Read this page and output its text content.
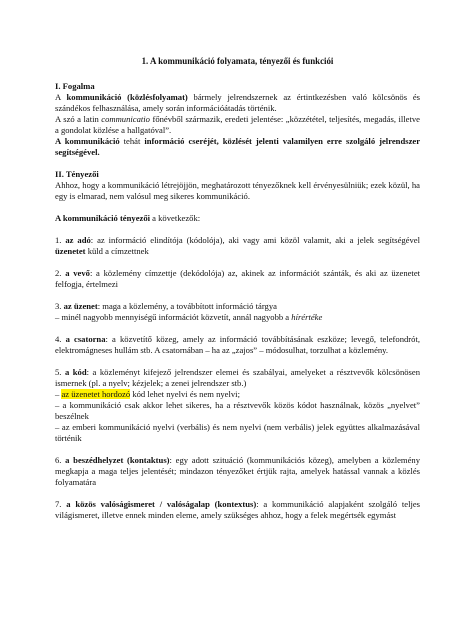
1. A kommunikáció folyamata, tényezői és funkciói

I. Fogalma

A kommunikáció (közlésfolyamat) bármely jelrendszernek az értintkezésben való kölcsönös és szándékos felhasználása, amely során információátadás történik.

A szó a latin communicatio főnévből származik, eredeti jelentése: „közzététel, teljesítés, megadás, illetve a gondolat közlése a hallgatóval”.

A kommunikáció tehát információ cseréjét, közlését jelenti valamilyen erre szolgáló jelrendszer segítségével.

II. Tényezői

Ahhoz, hogy a kommunikáció létrejöjjön, meghatározott tényezőknek kell érvényesülniük; ezek közül, ha egy is elmarad, nem valósul meg sikeres kommunikáció.

A kommunikáció tényezői a következők:

1. az adó: az információ elindítója (kódolója), aki vagy ami közöl valamit, aki a jelek segítségével üzenetet küld a címzettnek

2. a vevő: a közlemény címzettje (dekódolója) az, akinek az információt szánták, és aki az üzenetet felfogja, értelmezi

3. az üzenet: maga a közlemény, a továbbított információ tárgya

– minél nagyobb mennyiségű információt közvetít, annál nagyobb a hírértéke

4. a csatorna: a közvetítő közeg, amely az információ továbbításának eszköze; levegő, telefondrót, elektromágneses hullám stb. A csatornában – ha az „zajos” – módosulhat, torzulhat a közlemény.

5. a kód: a közleményt kifejező jelrendszer elemei és szabályai, amelyeket a résztvevők kölcsönösen ismernek (pl. a nyelv; kézjelek; a zenei jelrendszer stb.)

– az üzenetet hordozó kód lehet nyelvi és nem nyelvi;

– a kommunikáció csak akkor lehet sikeres, ha a résztvevők közös kódot használnak, közös „nyelvet” beszélnek

– az emberi kommunikáció nyelvi (verbális) és nem nyelvi (nem verbális) jelek együttes alkalmazásával történik

6. a beszédhelyzet (kontaktus): egy adott szituáció (kommunikációs közeg), amelyben a közlemény megkapja a maga teljes jelentését; mindazon tényezőket értjük rajta, amelyek hatással vannak a közlés folyamatára

7. a közös valóságismeret / valóságalap (kontextus): a kommunikáció alapjaként szolgáló teljes világismeret, illetve ennek minden eleme, amely szükséges ahhoz, hogy a felek megértsék egymást
